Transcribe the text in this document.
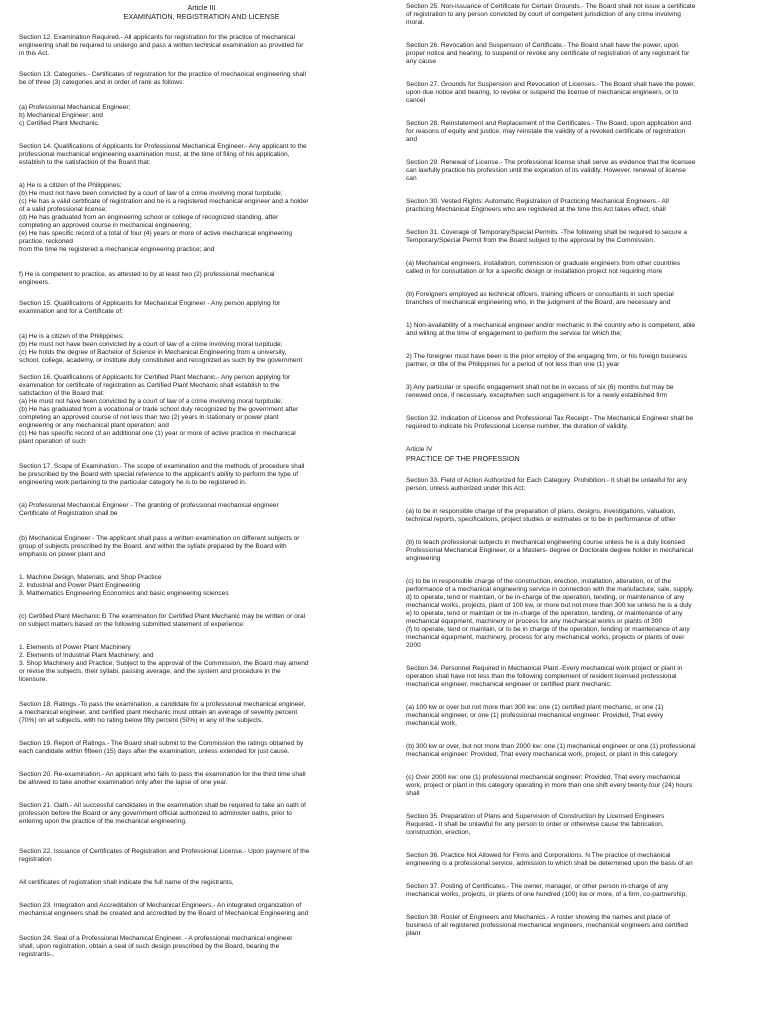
Article III
EXAMINATION, REGISTRATION AND LICENSE
Section 12. Examination Required.- All applicants for registration for the practice of mechanical
engineering shall be required to undergo and pass a written technical examination as provided for
in this Act.
Section 13. Categories.- Certificates of registration for the practice of mechanical engineering shall
be of three (3) categories and in order of rank as follows:
(a) Professional Mechanical Engineer;
b) Mechanical Engineer; and
c) Certified Plant Mechanic.
Section 14. Qualifications of Applicants for Professional Mechanical Engineer.- Any applicant to the
professional mechanical engineering examination must, at the time of filing of his application,
establish to the satisfaction of the Board that:
a) He is a citizen of the Philippines;
(b) He must not have been convicted by a court of law of a crime involving moral turpitude;
(c) He has a valid certificate of registration and he is a registered mechanical engineer and a holder
of a valid professional license;
(d) He has graduated from an engineering school or college of recognized standing, after
completing an approved course in mechanical engineering;
(e) He has specific record of a total of four (4) years or more of active mechanical engineering
practice, reckoned
from the time he registered a mechanical engineering practice; and
f) He is competent to practice, as attested to by at least two (2) professional mechanical
engineers.
Section 15. Qualifications of Applicants for Mechanical Engineer - Any person applying for
examination and for a Certificate of:
(a) He is a citizen of the Philippines;
(b) He must not have been convicted by a court of law of a crime involving moral turpitude;
(c) He holds the degree of Bachelor of Science in Mechanical Engineering from a university,
school, college, academy, or institute duly constituted and recognized as such by the government
Section 16. Qualifications of Applicants for Certified Plant Mechanic.- Any person applying for
examination for certificate of registration as Certified Plant Mechanic shall establish to the
satisfaction of the Board that:
(a) He must not have been convicted by a court of law of a crime involving moral turpitude;
(b) He has graduated from a vocational or trade school duly recognized by the government after
completing an approved course of not less than two (2) years in stationary or power plant
engineering or any mechanical plant operation; and
(c) He has specific record of an additional one (1) year or more of active practice in mechanical
plant operation of such
Section 17. Scope of Examination.- The scope of examination and the methods of procedure shall
be prescribed by the Board with special reference to the applicant's ability to perform the type of
engineering work pertaining to the particular category he is to be registered in.
(a) Professional Mechanical Engineer - The granting of professional mechanical engineer
Certificate of Registration shall be
(b) Mechanical Engineer - The applicant shall pass a written examination on different subjects or
group of subjects prescribed by the Board, and within the syllabi prepared by the Board with
emphasis on power plant and
1. Machine Design, Materials, and Shop Practice
2. Industrial and Power Plant Engineering
3. Mathematics Engineering Economics and basic engineering sciences
(c) Certified Plant Mechanic Ð The examination for Certified Plant Mechanic may be written or oral
on subject matters based on the following submitted statement of experience:
1. Elements of Power Plant Machinery
2. Elements of Industrial Plant Machinery; and
3. Shop Machinery and Practice. Subject to the approval of the Commission, the Board may amend
or revise the subjects, their syllabi, passing average, and the system and procedure in the
licensure.
Section 18. Ratings.-To pass the examination, a candidate for a professional mechanical engineer,
a mechanical engineer, and certified plant mechanic must obtain an average of seventy percent
(70%) on all subjects, with no rating below fifty percent (50%) in any of the subjects.
Section 19. Report of Ratings.- The Board shall submit to the Commission the ratings obtained by
each candidate within fifteen (15) days after the examination, unless extended for just cause.
Section 20. Re-examination.- An applicant who fails to pass the examination for the third time shall
be allowed to take another examination only after the lapse of one year.
Section 21. Oath.- All successful candidates in the examination shall be required to take an oath of
profession before the Board or any government official authorized to administer oaths, prior to
entering upon the practice of the mechanical engineering.
Section 22. Issuance of Certificates of Registration and Professional License.- Upon payment of the
registration
All certificates of registration shall indicate the full name of the registrants,
Section 23. Integration and Accreditation of Mechanical Engineers.- An integrated organization of
mechanical engineers shall be created and accredited by the Board of Mechanical Engineering and
Section 24. Seal of a Professional Mechanical Engineer. - A professional mechanical engineer
shall, upon registration, obtain a seal of such design prescribed by the Board, bearing the
registrants-,
Section 25. Non-issuance of Certificate for Certain Grounds.- The Board shall not issue a certificate
of registration to any person convicted by court of competent jurisdiction of any crime involving
moral.
Section 26. Revocation and Suspension of Certificate.- The Board shall have the power, upon
proper notice and hearing, to suspend or revoke any certificate of registration of any registrant for
any cause
Section 27. Grounds for Suspension and Revocation of Licenses.- The Board shall have the power,
upon due notice and hearing, to revoke or suspend the license of mechanical engineers, or to
cancel
Section 28. Reinstatement and Replacement of the Certificates.- The Board, upon application and
for reasons of equity and justice, may reinstate the validity of a revoked certificate of registration
and
Section 29. Renewal of License.- The professional license shall serve as evidence that the licensee
can lawfully practice his profession until the expiration of its validity. However, renewal of license
can
Section 30. Vested Rights: Automatic Registration of Practicing Mechanical Engineers.- All
practicing Mechanical Engineers who are registered at the time this Act takes effect, shall
Section 31. Coverage of Temporary/Special Permits. -The following shall be required to secure a
Temporary/Special Permit from the Board subject to the approval by the Commission.
(a) Mechanical engineers, installation, commission or graduate engineers from other countries
called in for consultation or for a specific design or installation project not requiring more
(b) Foreigners employed as technical officers, training officers or consultants in such special
branches of mechanical engineering who, in the judgment of the Board, are necessary and
1) Non-availability of a mechanical engineer and/or mechanic in the country who is competent, able
and willing at the time of engagement to perform the service for which the;
2) The foreigner must have been is the prior employ of the engaging firm, or his foreign business
partner, or title of the Philippines for a period of not less than one (1) year
3) Any particular or specific engagement shall not be in excess of six (6) months but may be
renewed once, if necessary, exceptwhen such engagement is for a newly established firm
Section 32. Indication of License and Professional Tax Receipt.- The Mechanical Engineer shall be
required to indicate his Professional License number, the duration of validity,
Article IV
PRACTICE OF THE PROFESSION
Section 33. Field of Action Authorized for Each Category: Prohibition.- It shall be unlawful for any
person, unless authorized under this Act:
(a) to be in responsible charge of the preparation of plans, designs, investigations, valuation,
technical reports, specifications, project studies or estimates or to be in performance of other
(b) to teach professional subjects in mechanical engineering course unless he is a duly licensed
Professional Mechanical Engineer, or a Masters- degree or Doctorate degree holder in mechanical
engineering
(c) to be in responsible charge of the construction, erection, installation, alteration, or of the
performance of a mechanical engineering service in connection with the manufacture, sale, supply.
d) to operate, tend or maintain, or be in-charge of the operation, tending, or maintenance of any
mechanical works, projects, plant of 100 kw, or more but not more than 300 kw unless he is a duly
e) to operate, tend or maintain or be in-charge of the operation, tending, or maintenance of any
mechanical equipment, machinery or process for any mechanical works or plants of 300
(f) to operate, tend or maintain, or to be in charge of the operation, tending or maintenance of any
mechanical equipment, machinery, process for any mechanical works, projects or plants of over
2000
Section 34. Personnel Required in Mechanical Plant.-Every mechanical work project or plant in
operation shall have not less than the following complement of resident licensed professional
mechanical engineer, mechanical engineer or certified plant mechanic:
(a) 100 kw or over but not more than 300 kw: one (1) certified plant mechanic, or one (1)
mechanical engineer, or one (1) professional mechanical engineer: Provided, That every
mechanical work,
(b) 300 kw or over, but not more than 2000 kw: one (1) mechanical engineer or one (1) professional
mechanical engineer: Provided, That every mechanical work, project, or plant in this category
(c) Over 2000 kw: one (1) professional mechanical engineer: Provided, That every mechanical
work, project or plant in this category operating in more than one shift every twenty-four (24) hours
shall
Section 35. Preparation of Plans and Supervision of Construction by Licensed Engineers
Required.- It shall be unlawful for any person to order or otherwise cause the fabrication,
construction, erection,
Section 36. Practice Not Allowed for Firms and Corporations. Ñ The practice of mechanical
engineering is a professional service, admission to which shall be determined upon the basis of an
Section 37. Posting of Certificates.- The owner, manager, or other person in-charge of any
mechanical works, projects, or plants of one hundred (100) kw or more, of a firm, co-partnership,
Section 38. Roster of Engineers and Mechanics.- A roster showing the names and place of
business of all registered professional mechanical engineers, mechanical engineers and certified
plant
